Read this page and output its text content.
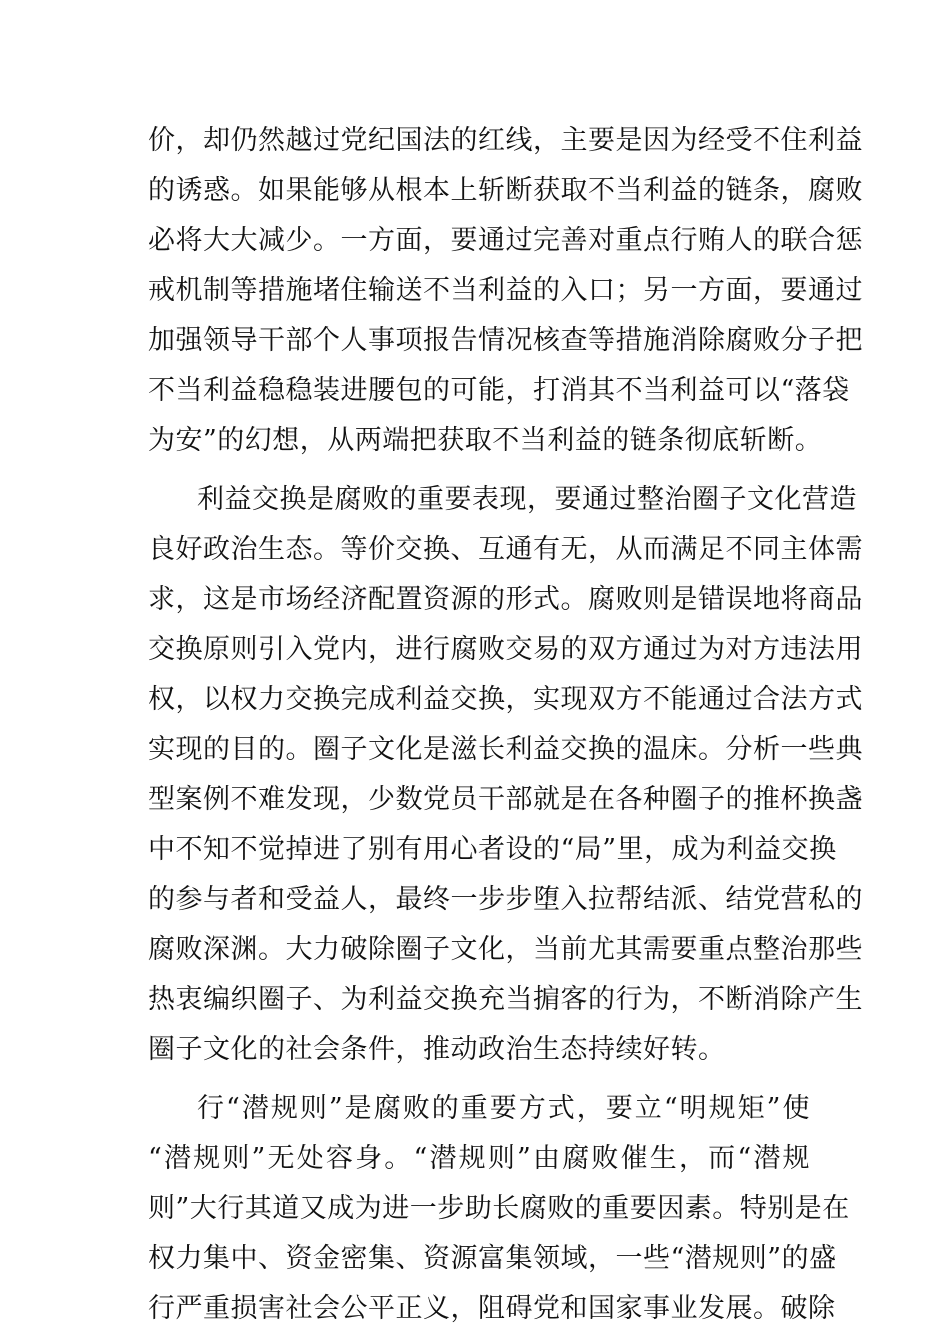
价，却仍然越过党纪国法的红线，主要是因为经受不住利益
的诱惑。如果能够从根本上斩断获取不当利益的链条，腐败
必将大大减少。一方面，要通过完善对重点行贿人的联合惩
戒机制等措施堵住输送不当利益的入口；另一方面，要通过
加强领导干部个人事项报告情况核查等措施消除腐败分子把
不当利益稳稳装进腰包的可能，打消其不当利益可以“落袋
为安”的幻想，从两端把获取不当利益的链条彻底斩断。
利益交换是腐败的重要表现，要通过整治圈子文化营造
良好政治生态。等价交换、互通有无，从而满足不同主体需
求，这是市场经济配置资源的形式。腐败则是错误地将商品
交换原则引入党内，进行腐败交易的双方通过为对方违法用
权，以权力交换完成利益交换，实现双方不能通过合法方式
实现的目的。圈子文化是滋长利益交换的温床。分析一些典
型案例不难发现，少数党员干部就是在各种圈子的推杯换盏
中不知不觉掉进了别有用心者设的“局”里，成为利益交换
的参与者和受益人，最终一步步堕入拉帮结派、结党营私的
腐败深渊。大力破除圈子文化，当前尤其需要重点整治那些
热衷编织圈子、为利益交换充当掮客的行为，不断消除产生
圈子文化的社会条件，推动政治生态持续好转。
行“潜规则”是腐败的重要方式，要立“明规矩”使
“潜规则”无处容身。“潜规则”由腐败催生，而“潜规
则”大行其道又成为进一步助长腐败的重要因素。特别是在
权力集中、资金密集、资源富集领域，一些“潜规则”的盛
行严重损害社会公平正义，阻碍党和国家事业发展。破除
